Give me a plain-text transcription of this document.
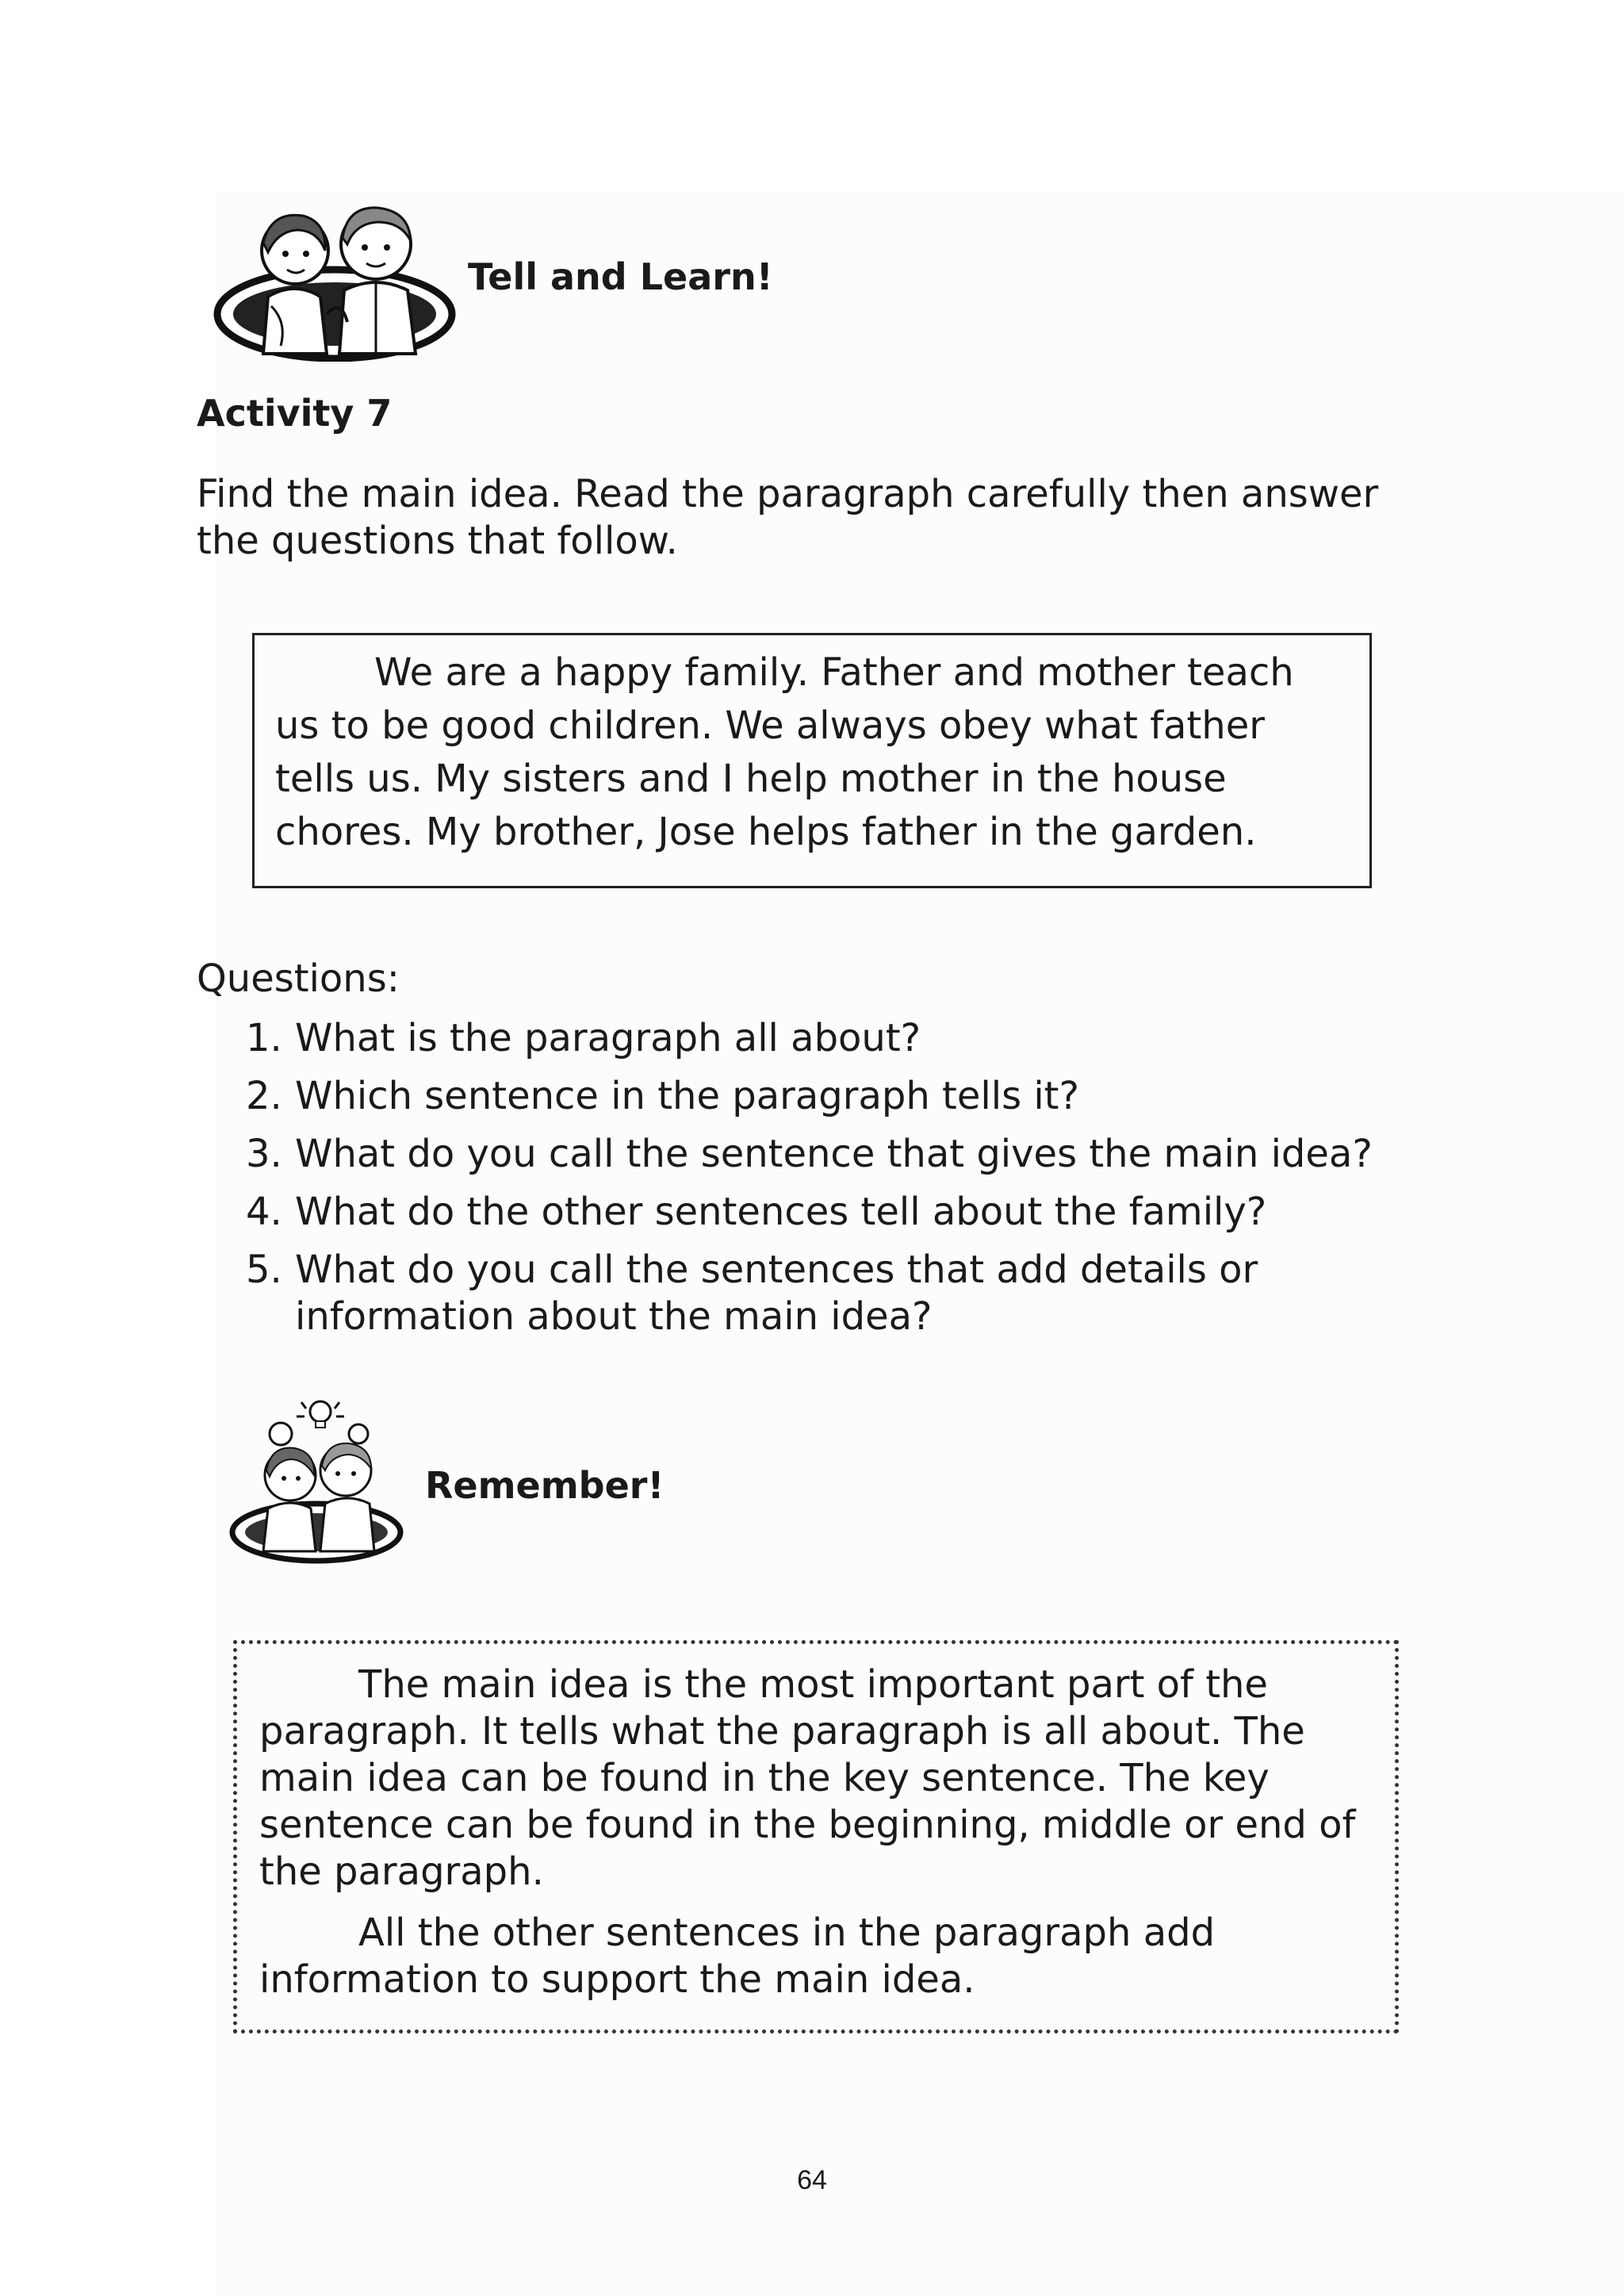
Tell and Learn!
Activity 7
Find the main idea. Read the paragraph carefully then answer the questions that follow.

We are a happy family. Father and mother teach us to be good children. We always obey what father tells us. My sisters and I help mother in the house chores. My brother, Jose helps father in the garden.

Questions:
1. What is the paragraph all about?
2. Which sentence in the paragraph tells it?
3. What do you call the sentence that gives the main idea?
4. What do the other sentences tell about the family?
5. What do you call the sentences that add details or information about the main idea?
Remember!

The main idea is the most important part of the paragraph. It tells what the paragraph is all about. The main idea can be found in the key sentence. The key sentence can be found in the beginning, middle or end of the paragraph.

All the other sentences in the paragraph add information to support the main idea.

64
